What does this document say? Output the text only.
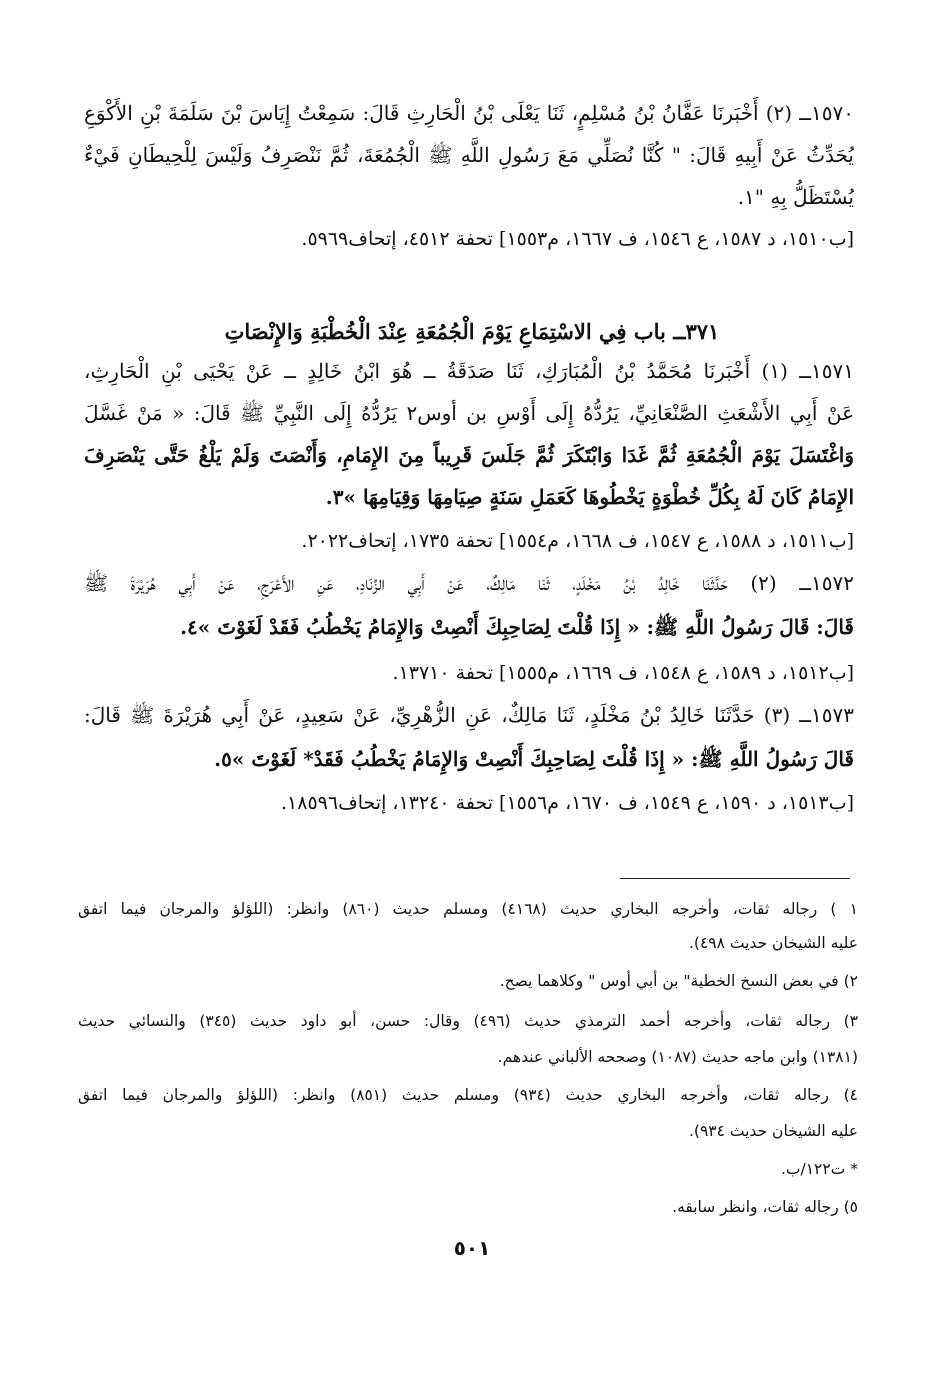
١٥٧٠ــ (٢) أَخْبَرنَا عَفَّانُ بْنُ مُسْلِمٍ، ثَنَا يَعْلَى بْنُ الْحَارِثِ قَالَ: سَمِعْتُ إِيَاسَ بْنَ سَلَمَةَ بْنِ الأَكْوَعِ
يُحَدِّثُ عَنْ أَبِيهِ قَالَ: " كُنَّا نُصَلِّي مَعَ رَسُولِ اللَّهِ ﷺ الْجُمُعَةَ، ثُمَّ نَنْصَرِفُ وَلَيْسَ لِلْحِيطَانِ فَيْءٌ
يُسْتَظَلُّ بِهِ "١.
[ب١٥١٠، د ١٥٨٧، ع ١٥٤٦، ف ١٦٦٧، م١٥٥٣] تحفة ٤٥١٢، إتحاف٥٩٦٩.
٣٧١ــ باب فِي الاسْتِمَاعِ يَوْمَ الْجُمُعَةِ عِنْدَ الْخُطْبَةِ وَالإِنْصَاتِ
١٥٧١ــ (١) أَخْبَرنَا مُحَمَّدُ بْنُ الْمُبَارَكِ، ثَنَا صَدَقَةُ ــ هُوَ ابْنُ خَالِدٍ ــ عَنْ يَحْيَى بْنِ الْحَارِثِ،
عَنْ أَبِي الأَشْعَثِ الصَّنْعَانِيِّ، يَرُدُّهُ إِلَى أَوْسِ بن أوس٢ يَرُدُّهُ إِلَى النَّبِيِّ ﷺ قَالَ: « مَنْ غَسَّلَ
وَاغْتَسَلَ يَوْمَ الْجُمُعَةِ ثُمَّ غَدَا وَابْتَكَرَ ثُمَّ جَلَسَ قَرِيباً مِنَ الإِمَامِ، وَأَنْصَتَ وَلَمْ يَلْغُ حَتَّى يَنْصَرِفَ
الإِمَامُ كَانَ لَهُ بِكُلِّ خُطْوَةٍ يَخْطُوهَا كَعَمَلِ سَنَةٍ صِيَامِهَا وَقِيَامِهَا »٣.
[ب١٥١١، د ١٥٨٨، ع ١٥٤٧، ف ١٦٦٨، م١٥٥٤] تحفة ١٧٣٥، إتحاف٢٠٢٢.
١٥٧٢ــ (٢) حَدَّثَنَا خَالِدُ بْنُ مَخْلَدٍ، ثَنَا مَالِكٌ، عَنْ أَبِي الزِّنَادِ، عَنِ الأَعْرَجِ، عَنْ أَبِي هُرَيْرَةَ ﷺ
قَالَ: قَالَ رَسُولُ اللَّهِ ﷺ: « إِذَا قُلْتَ لِصَاحِبِكَ أَنْصِتْ وَالإِمَامُ يَخْطُبُ فَقَدْ لَغَوْتَ »٤.
[ب١٥١٢، د ١٥٨٩، ع ١٥٤٨، ف ١٦٦٩، م١٥٥٥] تحفة ١٣٧١٠.
١٥٧٣ــ (٣) حَدَّثَنَا خَالِدُ بْنُ مَخْلَدٍ، ثَنَا مَالِكٌ، عَنِ الزُّهْرِيِّ، عَنْ سَعِيدٍ، عَنْ أَبِي هُرَيْرَةَ ﷺ قَالَ:
قَالَ رَسُولُ اللَّهِ ﷺ: « إِذَا قُلْتَ لِصَاحِبِكَ أَنْصِتْ وَالإِمَامُ يَخْطُبُ فَقَدْ* لَغَوْتَ »٥.
[ب١٥١٣، د ١٥٩٠، ع ١٥٤٩، ف ١٦٧٠، م١٥٥٦] تحفة ١٣٢٤٠، إتحاف١٨٥٩٦.
١ ) رجاله ثقات، وأخرجه البخاري حديث (٤١٦٨) ومسلم حديث (٨٦٠) وانظر: (اللؤلؤ والمرجان فيما اتفق
عليه الشيخان حديث ٤٩٨).
٢) في بعض النسخ الخطية" بن أبي أوس " وكلاهما يصح.
٣) رجاله ثقات، وأخرجه أحمد الترمذي حديث (٤٩٦) وقال: حسن، أبو داود حديث (٣٤٥) والنسائي حديث
(١٣٨١) وابن ماجه حديث (١٠٨٧) وصححه الألباني عندهم.
٤) رجاله ثقات، وأخرجه البخاري حديث (٩٣٤) ومسلم حديث (٨٥١) وانظر: (اللؤلؤ والمرجان فيما اتفق
عليه الشيخان حديث ٩٣٤).
* ت١٢٢/ب.
٥) رجاله ثقات، وانظر سابقه.
٥٠١
